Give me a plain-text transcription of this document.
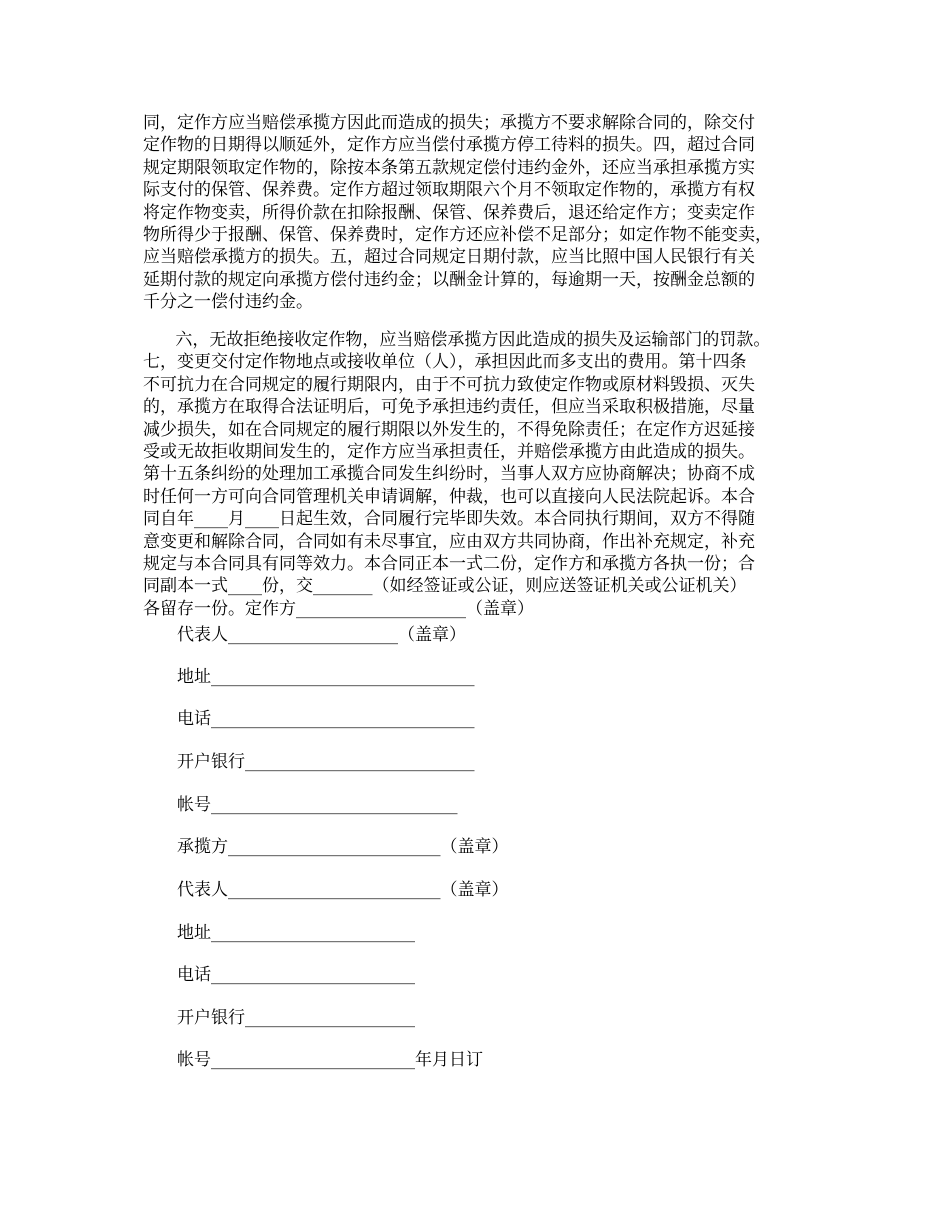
同，定作方应当赔偿承揽方因此而造成的损失；承揽方不要求解除合同的，除交付
定作物的日期得以顺延外，定作方应当偿付承揽方停工待料的损失。四，超过合同
规定期限领取定作物的，除按本条第五款规定偿付违约金外，还应当承担承揽方实
际支付的保管、保养费。定作方超过领取期限六个月不领取定作物的，承揽方有权
将定作物变卖，所得价款在扣除报酬、保管、保养费后，退还给定作方；变卖定作
物所得少于报酬、保管、保养费时，定作方还应补偿不足部分；如定作物不能变卖，
应当赔偿承揽方的损失。五，超过合同规定日期付款，应当比照中国人民银行有关
延期付款的规定向承揽方偿付违约金；以酬金计算的，每逾期一天，按酬金总额的
千分之一偿付违约金。
六，无故拒绝接收定作物，应当赔偿承揽方因此造成的损失及运输部门的罚款。
七，变更交付定作物地点或接收单位（人），承担因此而多支出的费用。第十四条
不可抗力在合同规定的履行期限内，由于不可抗力致使定作物或原材料毁损、灭失
的，承揽方在取得合法证明后，可免予承担违约责任，但应当采取积极措施，尽量
减少损失，如在合同规定的履行期限以外发生的，不得免除责任；在定作方迟延接
受或无故拒收期间发生的，定作方应当承担责任，并赔偿承揽方由此造成的损失。
第十五条纠纷的处理加工承揽合同发生纠纷时，当事人双方应协商解决；协商不成
时任何一方可向合同管理机关申请调解，仲裁，也可以直接向人民法院起诉。本合
同自年____月____日起生效，合同履行完毕即失效。本合同执行期间，双方不得随
意变更和解除合同，合同如有未尽事宜，应由双方共同协商，作出补充规定，补充
规定与本合同具有同等效力。本合同正本一式二份，定作方和承揽方各执一份；合
同副本一式____份，交_______（如经签证或公证，则应送签证机关或公证机关）
各留存一份。定作方____________________（盖章）
代表人____________________（盖章）
地址_______________________________
电话_______________________________
开户银行___________________________
帐号_____________________________
承揽方_________________________（盖章）
代表人_________________________（盖章）
地址________________________
电话________________________
开户银行____________________
帐号________________________年月日订
